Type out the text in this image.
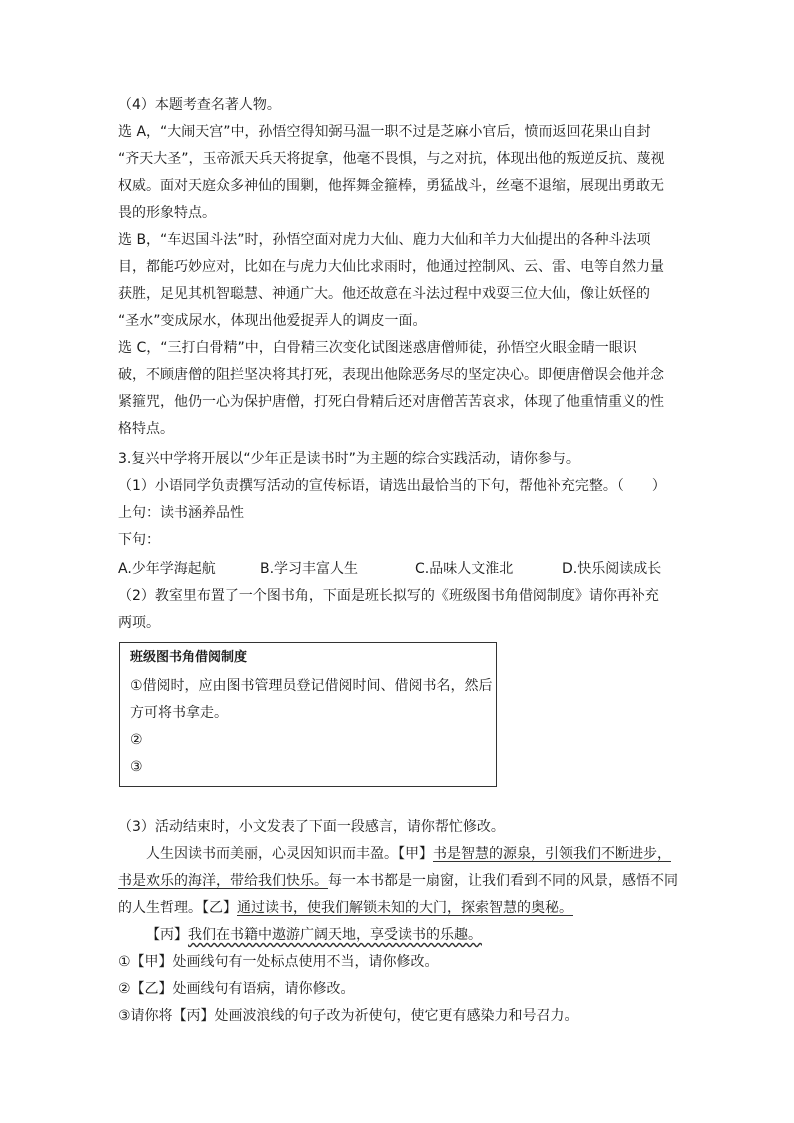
（4）本题考查名著人物。
选 A，“大闹天宫”中，孙悟空得知弼马温一职不过是芝麻小官后，愤而返回花果山自封
“齐天大圣”，玉帝派天兵天将捉拿，他毫不畏惧，与之对抗，体现出他的叛逆反抗、蔑视
权威。面对天庭众多神仙的围剿，他挥舞金箍棒，勇猛战斗，丝毫不退缩，展现出勇敢无
畏的形象特点。
选 B，“车迟国斗法”时，孙悟空面对虎力大仙、鹿力大仙和羊力大仙提出的各种斗法项
目，都能巧妙应对，比如在与虎力大仙比求雨时，他通过控制风、云、雷、电等自然力量
获胜，足见其机智聪慧、神通广大。他还故意在斗法过程中戏耍三位大仙，像让妖怪的
“圣水”变成尿水，体现出他爱捉弄人的调皮一面。
选 C，“三打白骨精”中，白骨精三次变化试图迷惑唐僧师徒，孙悟空火眼金睛一眼识
破，不顾唐僧的阻拦坚决将其打死，表现出他除恶务尽的坚定决心。即便唐僧误会他并念
紧箍咒，他仍一心为保护唐僧，打死白骨精后还对唐僧苦苦哀求，体现了他重情重义的性
格特点。
3.复兴中学将开展以“少年正是读书时”为主题的综合实践活动，请你参与。
（1）小语同学负责撰写活动的宣传标语，请选出最恰当的下句，帮他补充完整。（　　）
上句：读书涵养品性
下句：
A.少年学海起航	B.学习丰富人生	C.品味人文淮北	D.快乐阅读成长
（2）教室里布置了一个图书角，下面是班长拟写的《班级图书角借阅制度》请你再补充
两项。
班级图书角借阅制度
①借阅时，应由图书管理员登记借阅时间、借阅书名，然后
方可将书拿走。
②
③
（3）活动结束时，小文发表了下面一段感言，请你帮忙修改。
人生因读书而美丽，心灵因知识而丰盈。【甲】书是智慧的源泉，引领我们不断进步，
书是欢乐的海洋，带给我们快乐。每一本书都是一扇窗，让我们看到不同的风景，感悟不同
的人生哲理。【乙】通过读书，使我们解锁未知的大门，探索智慧的奥秘。
【丙】我们在书籍中遨游广阔天地，享受读书的乐趣。
①【甲】处画线句有一处标点使用不当，请你修改。
②【乙】处画线句有语病，请你修改。
③请你将【丙】处画波浪线的句子改为祈使句，使它更有感染力和号召力。
